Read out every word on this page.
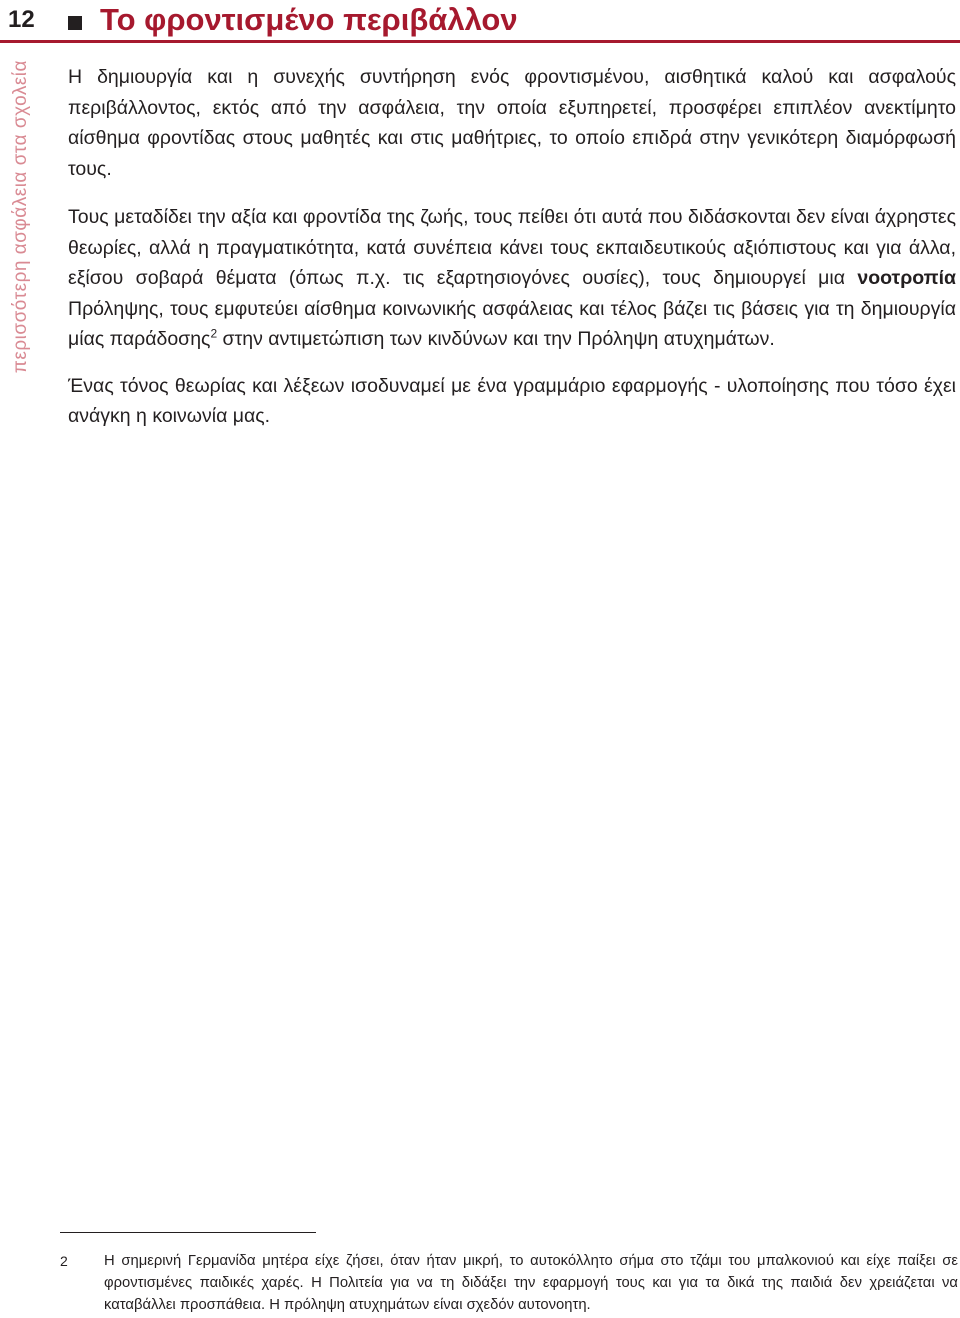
12 Το φροντισμένο περιβάλλον
περισσότερη ασφάλεια στα σχολεία Η δημιουργία και η συνεχής συντήρηση ενός φροντισμένου, αισθητικά καλού και ασφαλούς περιβάλλοντος, εκτός από την ασφάλεια, την οποία εξυπηρετεί, προσφέρει επιπλέον ανεκτίμητο αίσθημα φροντίδας στους μαθητές και στις μαθήτριες, το οποίο επιδρά στην γενικότερη διαμόρφωσή τους.

Τους μεταδίδει την αξία και φροντίδα της ζωής, τους πείθει ότι αυτά που διδάσκονται δεν είναι άχρηστες θεωρίες, αλλά η πραγματικότητα, κατά συνέπεια κάνει τους εκπαιδευτικούς αξιόπιστους και για άλλα, εξίσου σοβαρά θέματα (όπως π.χ. τις εξαρτησιογόνες ουσίες), τους δημιουργεί μια νοοτροπία Πρόληψης, τους εμφυτεύει αίσθημα κοινωνικής ασφάλειας και τέλος βάζει τις βάσεις για τη δημιουργία μίας παράδοσης$^2$ στην αντιμετώπιση των κινδύνων και την Πρόληψη ατυχημάτων.

Ένας τόνος θεωρίας και λέξεων ισοδυναμεί με ένα γραμμάριο εφαρμογής - υλοποίησης που τόσο έχει ανάγκη η κοινωνία μας.

2	Η σημερινή Γερμανίδα μητέρα είχε ζήσει, όταν ήταν μικρή, το αυτοκόλλητο σήμα στο τζάμι του μπαλκονιού και είχε παίξει σε φροντισμένες παιδικές χαρές. Η Πολιτεία για να τη διδάξει την εφαρμογή τους και για τα δικά της παιδιά δεν χρειάζεται να καταβάλλει προσπάθεια. Η πρόληψη ατυχημάτων είναι σχεδόν αυτονοητη.
